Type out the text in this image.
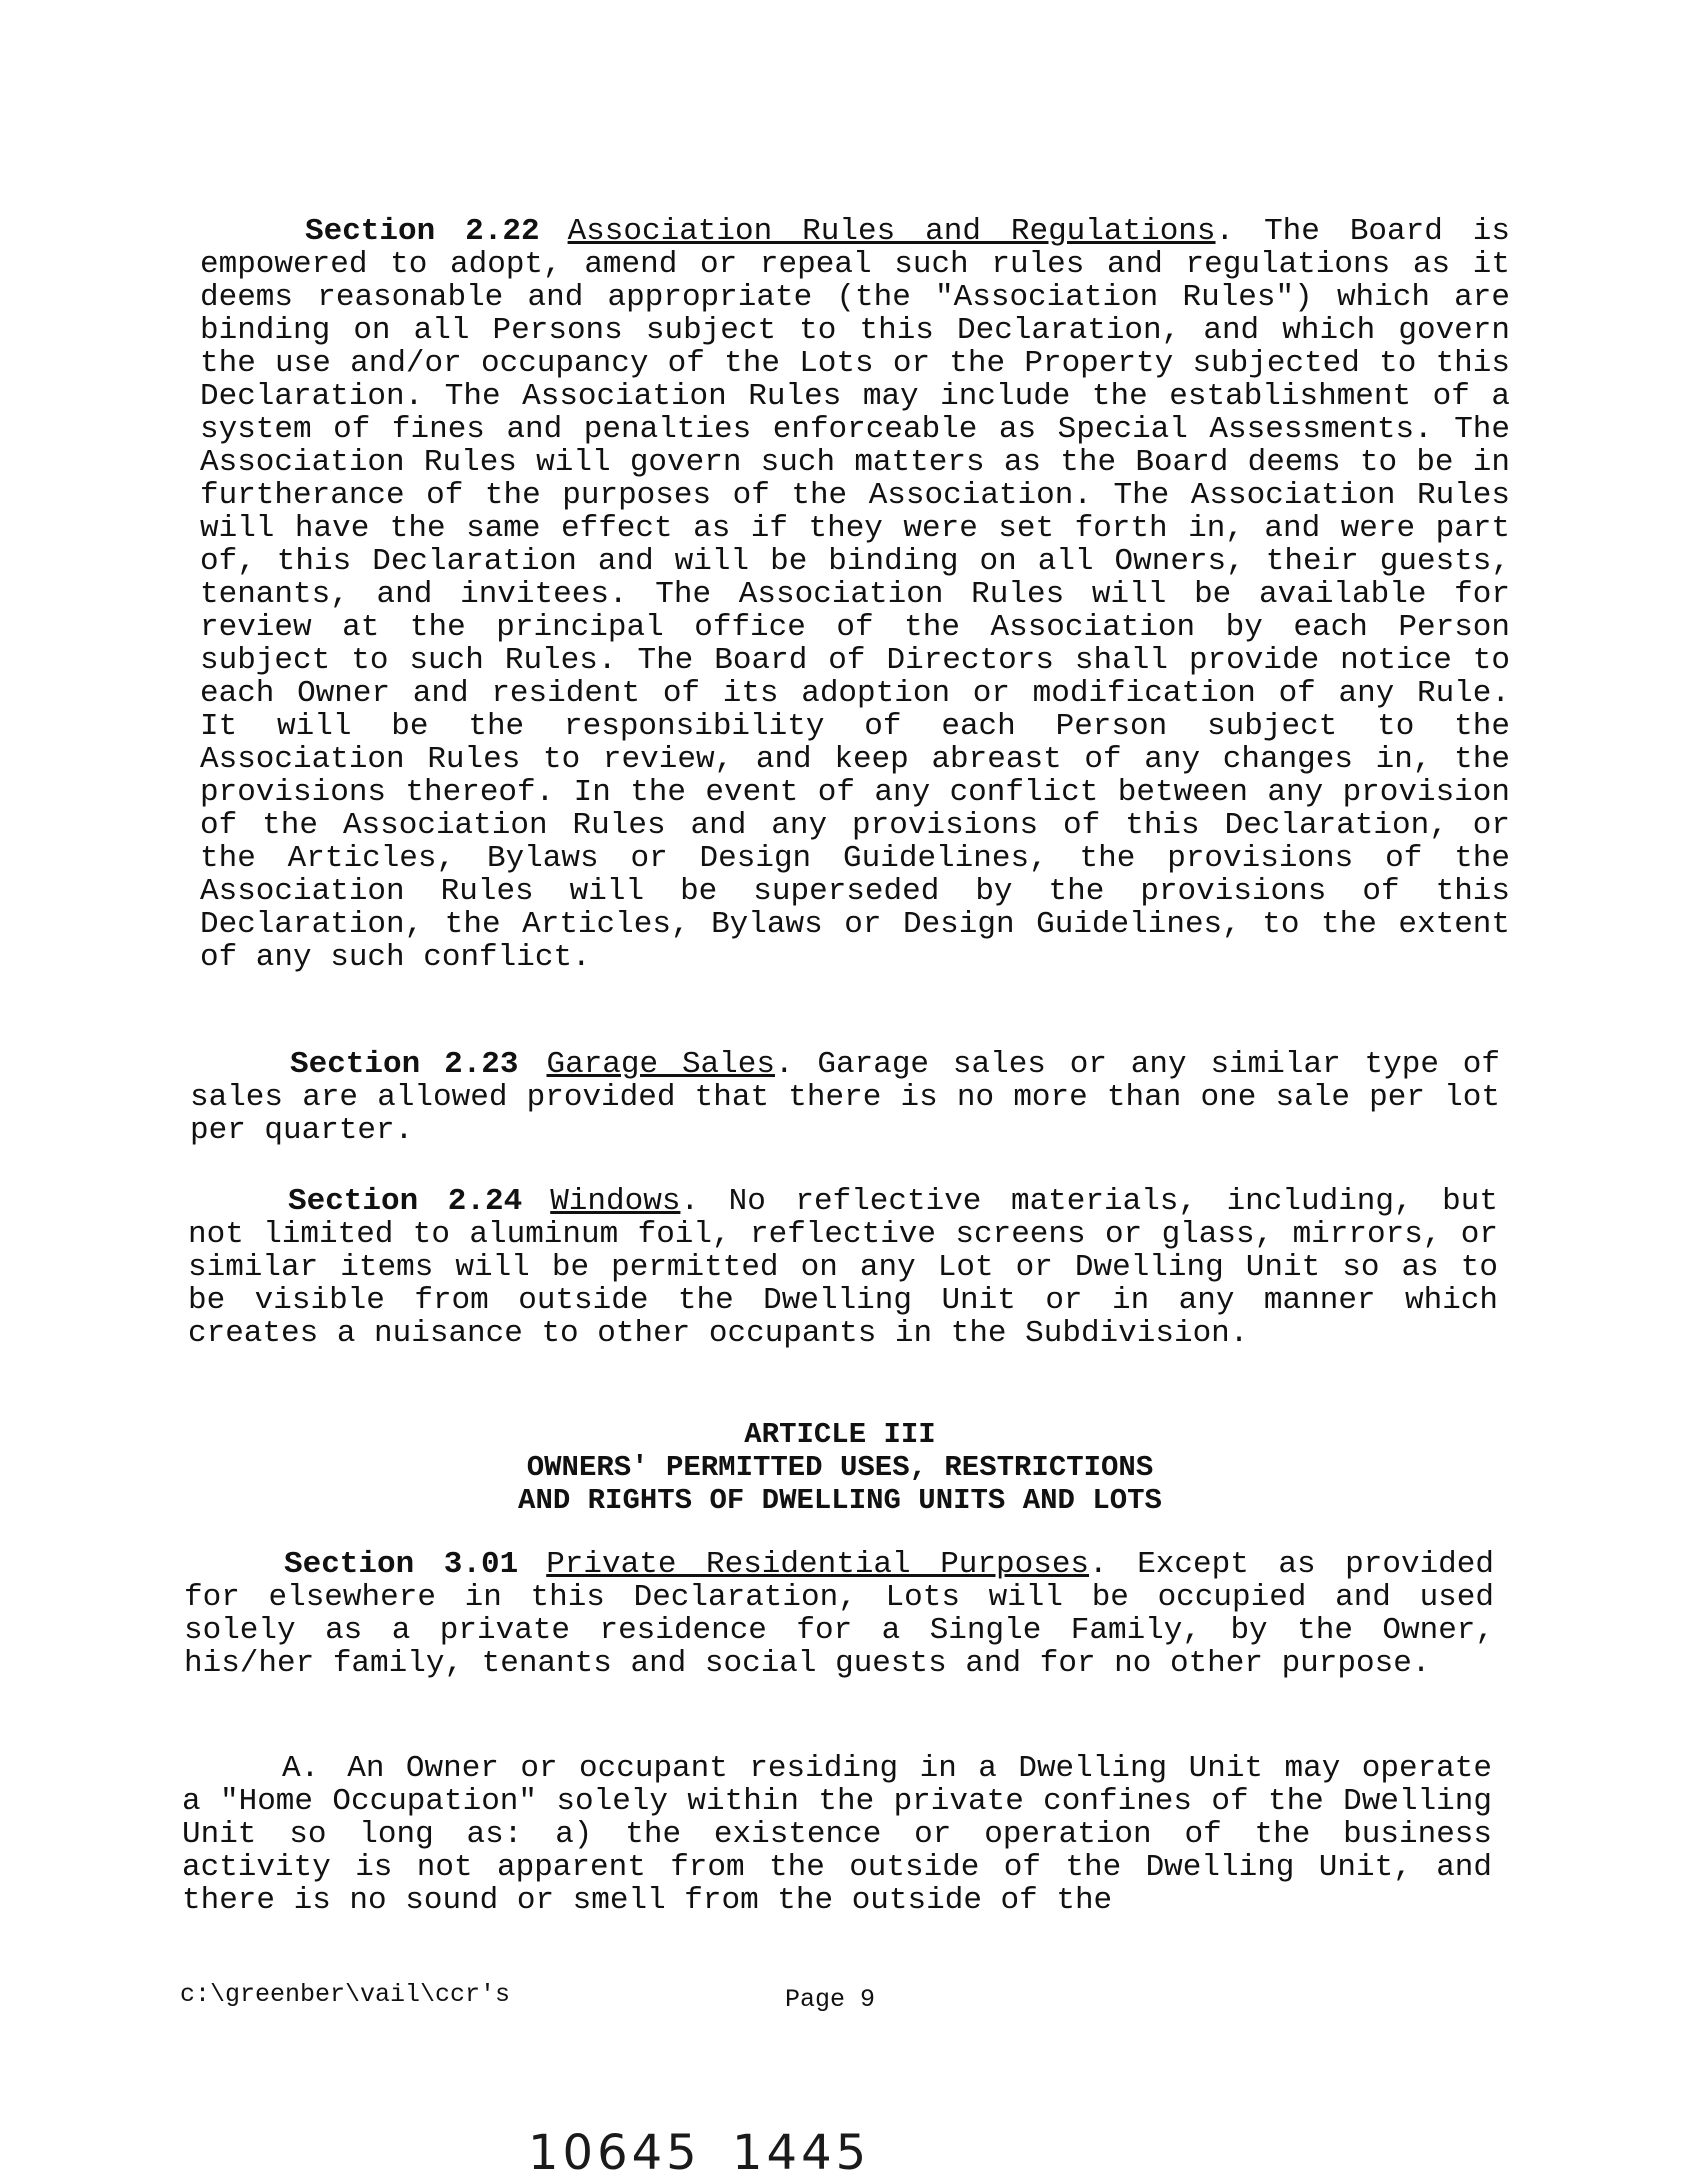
Section 2.22 Association Rules and Regulations. The Board is empowered to adopt, amend or repeal such rules and regulations as it deems reasonable and appropriate (the "Association Rules") which are binding on all Persons subject to this Declaration, and which govern the use and/or occupancy of the Lots or the Property subjected to this Declaration. The Association Rules may include the establishment of a system of fines and penalties enforceable as Special Assessments. The Association Rules will govern such matters as the Board deems to be in furtherance of the purposes of the Association. The Association Rules will have the same effect as if they were set forth in, and were part of, this Declaration and will be binding on all Owners, their guests, tenants, and invitees. The Association Rules will be available for review at the principal office of the Association by each Person subject to such Rules. The Board of Directors shall provide notice to each Owner and resident of its adoption or modification of any Rule. It will be the responsibility of each Person subject to the Association Rules to review, and keep abreast of any changes in, the provisions thereof. In the event of any conflict between any provision of the Association Rules and any provisions of this Declaration, or the Articles, Bylaws or Design Guidelines, the provisions of the Association Rules will be superseded by the provisions of this Declaration, the Articles, Bylaws or Design Guidelines, to the extent of any such conflict.

Section 2.23 Garage Sales. Garage sales or any similar type of sales are allowed provided that there is no more than one sale per lot per quarter.

Section 2.24 Windows. No reflective materials, including, but not limited to aluminum foil, reflective screens or glass, mirrors, or similar items will be permitted on any Lot or Dwelling Unit so as to be visible from outside the Dwelling Unit or in any manner which creates a nuisance to other occupants in the Subdivision.

ARTICLE III
OWNERS' PERMITTED USES, RESTRICTIONS
AND RIGHTS OF DWELLING UNITS AND LOTS

Section 3.01 Private Residential Purposes. Except as provided for elsewhere in this Declaration, Lots will be occupied and used solely as a private residence for a Single Family, by the Owner, his/her family, tenants and social guests and for no other purpose.

A. An Owner or occupant residing in a Dwelling Unit may operate a "Home Occupation" solely within the private confines of the Dwelling Unit so long as: a) the existence or operation of the business activity is not apparent from the outside of the Dwelling Unit, and there is no sound or smell from the outside of the

c:\greenber\vail\ccr's	Page 9
10645 1445
